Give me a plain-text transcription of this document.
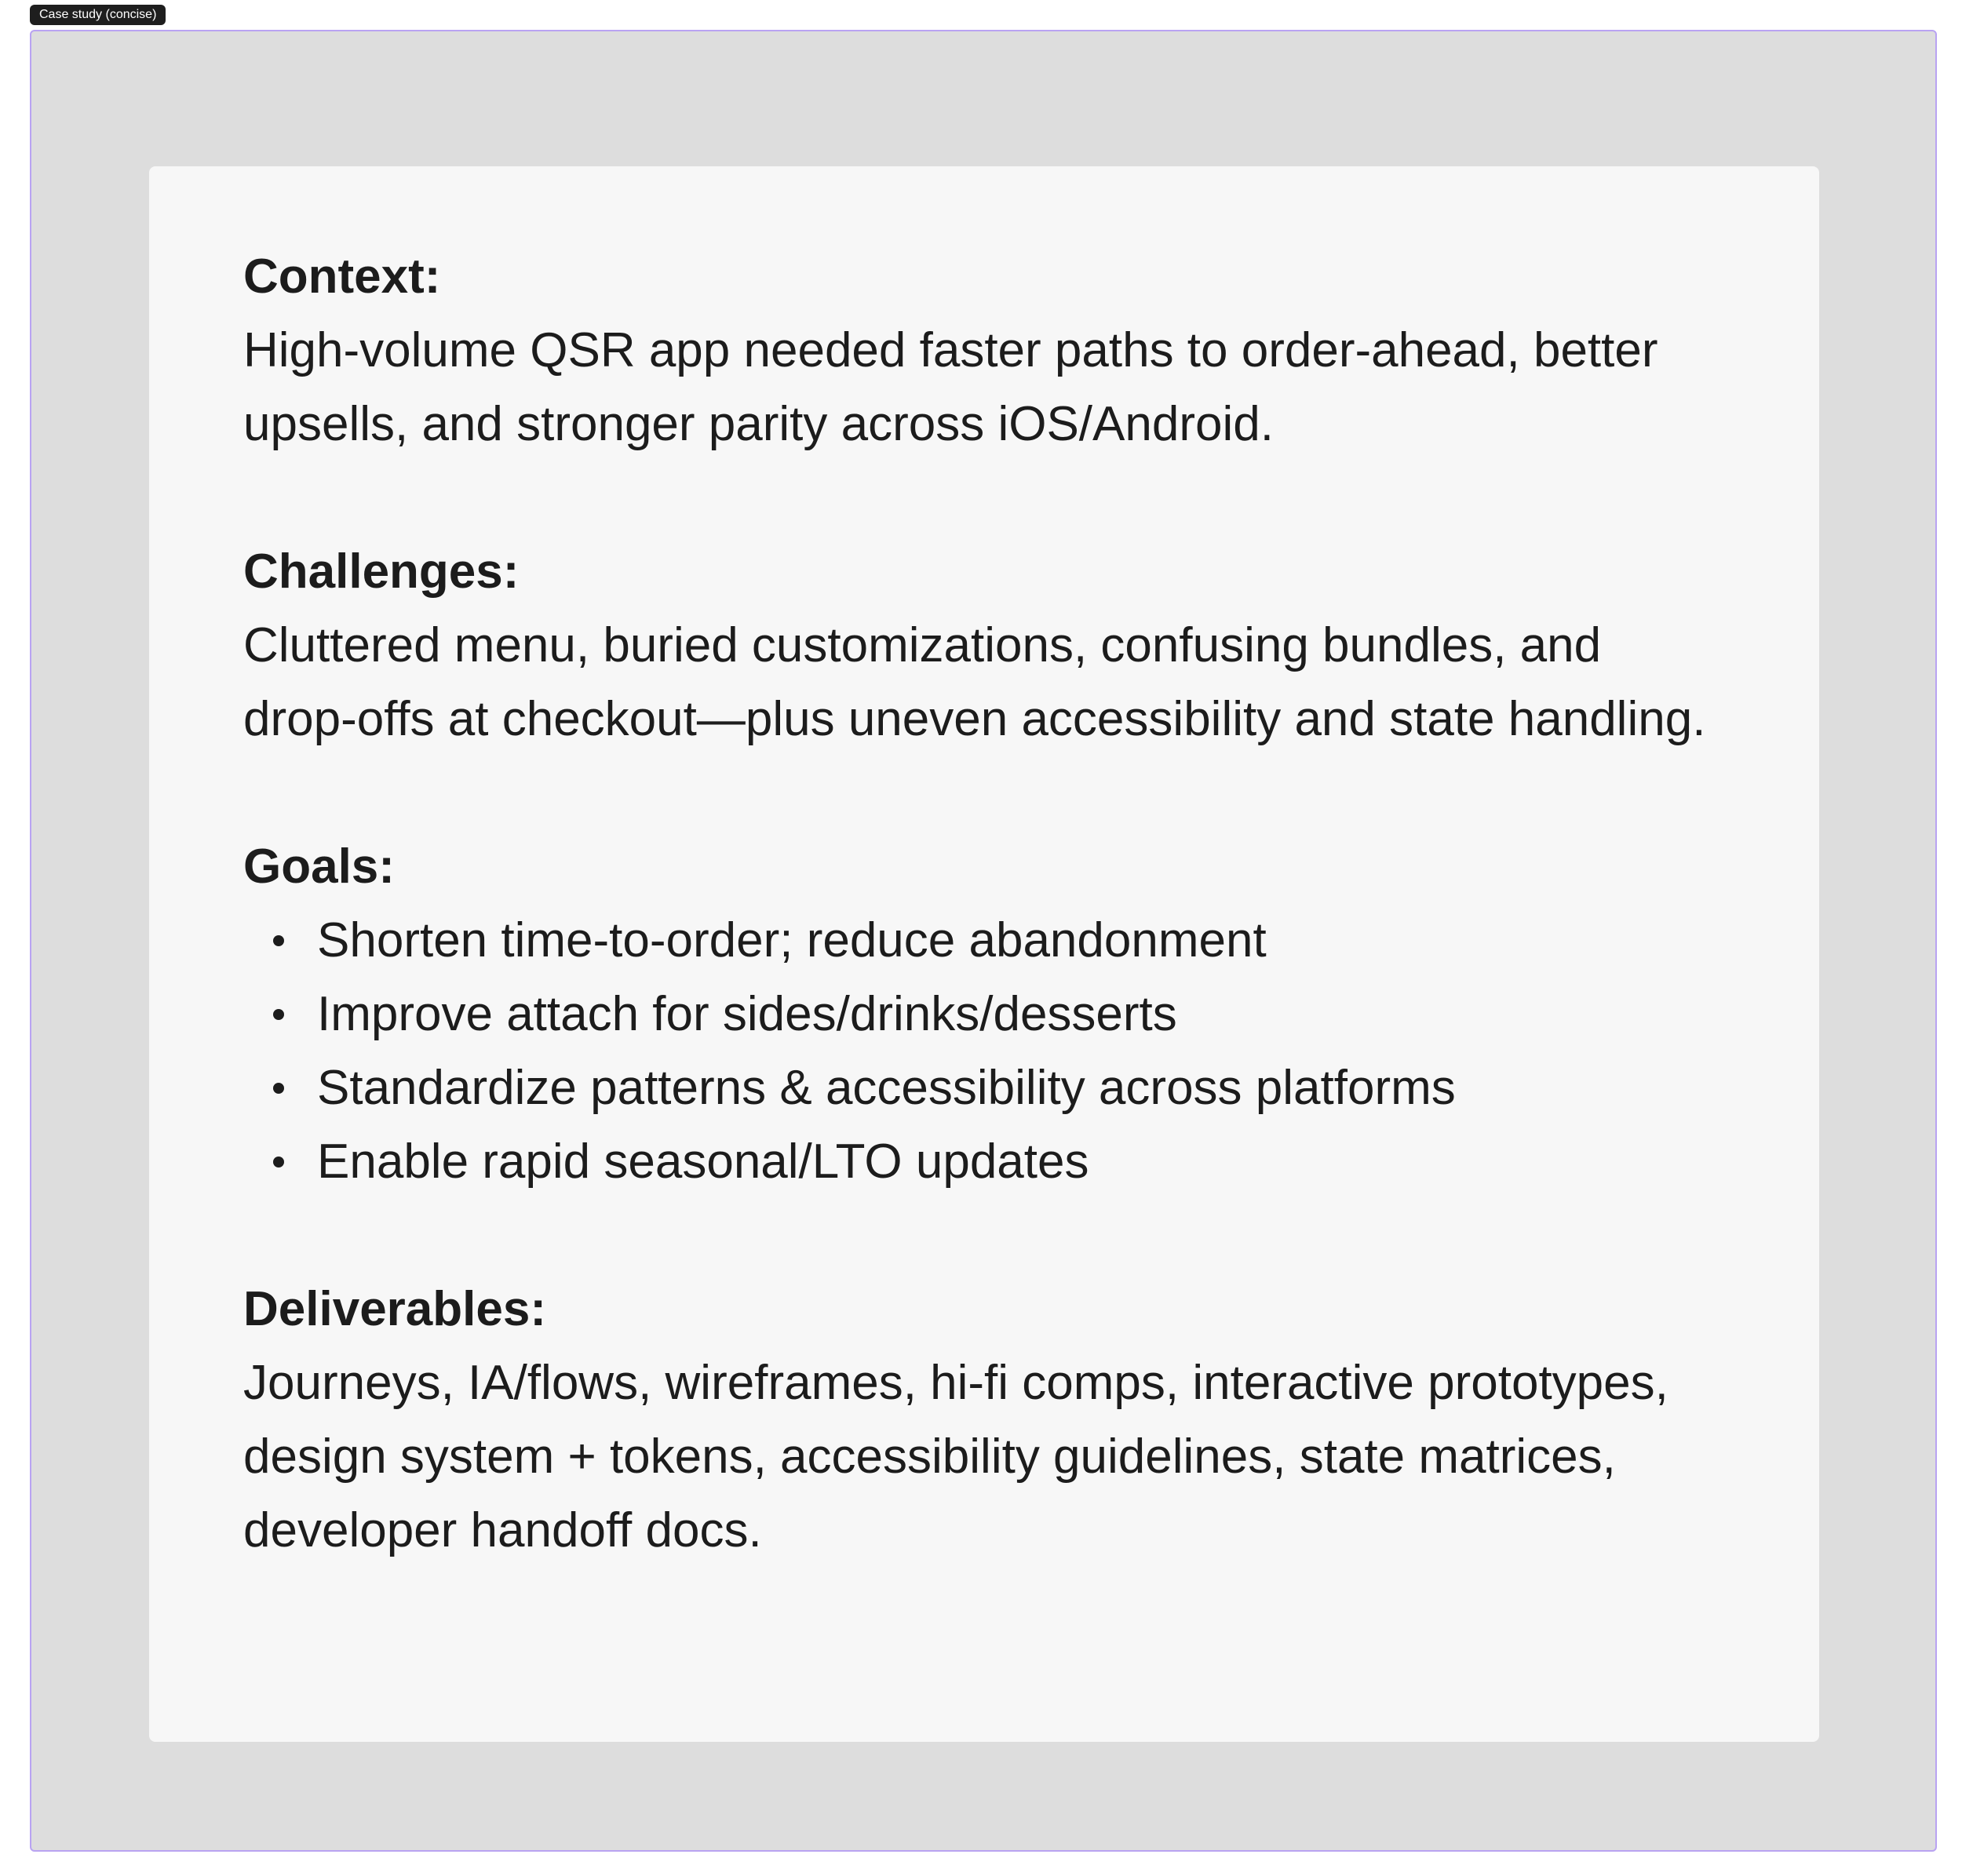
Case study (concise)

Context:

High-volume QSR app needed faster paths to order-ahead, better upsells, and stronger parity across iOS/Android.

Challenges:

Cluttered menu, buried customizations, confusing bundles, and drop-offs at checkout—plus uneven accessibility and state handling.

Goals:

Shorten time-to-order; reduce abandonment
Improve attach for sides/drinks/desserts
Standardize patterns & accessibility across platforms
Enable rapid seasonal/LTO updates

Deliverables:

Journeys, IA/flows, wireframes, hi-fi comps, interactive prototypes, design system + tokens, accessibility guidelines, state matrices, developer handoff docs.
